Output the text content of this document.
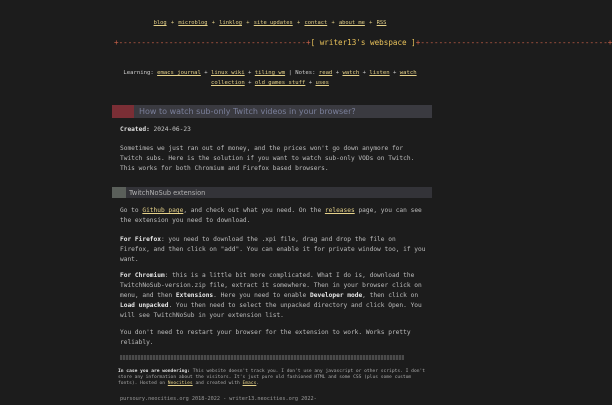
blog + microblog + linklog + site updates + contact + about me + RSS
+-----------------------------------------+[ writer13's webspace ]+-----------------------------------------+
Learning: emacs journal + linux wiki + tiling wm | Notes: read + watch + listen + watch collection + old games stuff + uses
How to watch sub-only Twitch videos in your browser?
Created: 2024-06-23
Sometimes we just ran out of money, and the prices won't go down anymore for Twitch subs. Here is the solution if you want to watch sub-only VODs on Twitch. This works for both Chromium and Firefox based browsers.
TwitchNoSub extension
Go to Github page, and check out what you need. On the releases page, you can see the extension you need to download.
For Firefox: you need to download the .xpi file, drag and drop the file on Firefox, and then click on "add". You can enable it for private window too, if you want.
For Chromium: this is a little bit more complicated. What I do is, download the TwitchNoSub-version.zip file, extract it somewhere. Then in your browser click on menu, and then Extensions. Here you need to enable Developer mode, then click on Load unpacked. You then need to select the unpacked directory and click Open. You will see TwitchNoSub in your extension list.
You don't need to restart your browser for the extension to work. Works pretty reliably.
In case you are wondering: This website doesn't track you. I don't use any javascript or other scripts. I don't store any information about the visitors. It's just pure old fashioned HTML and some CSS (plus some custom fonts). Hosted on Neocities and created with Emacs.
pursoury.neocities.org 2018-2022 - writer13.neocities.org 2022-
